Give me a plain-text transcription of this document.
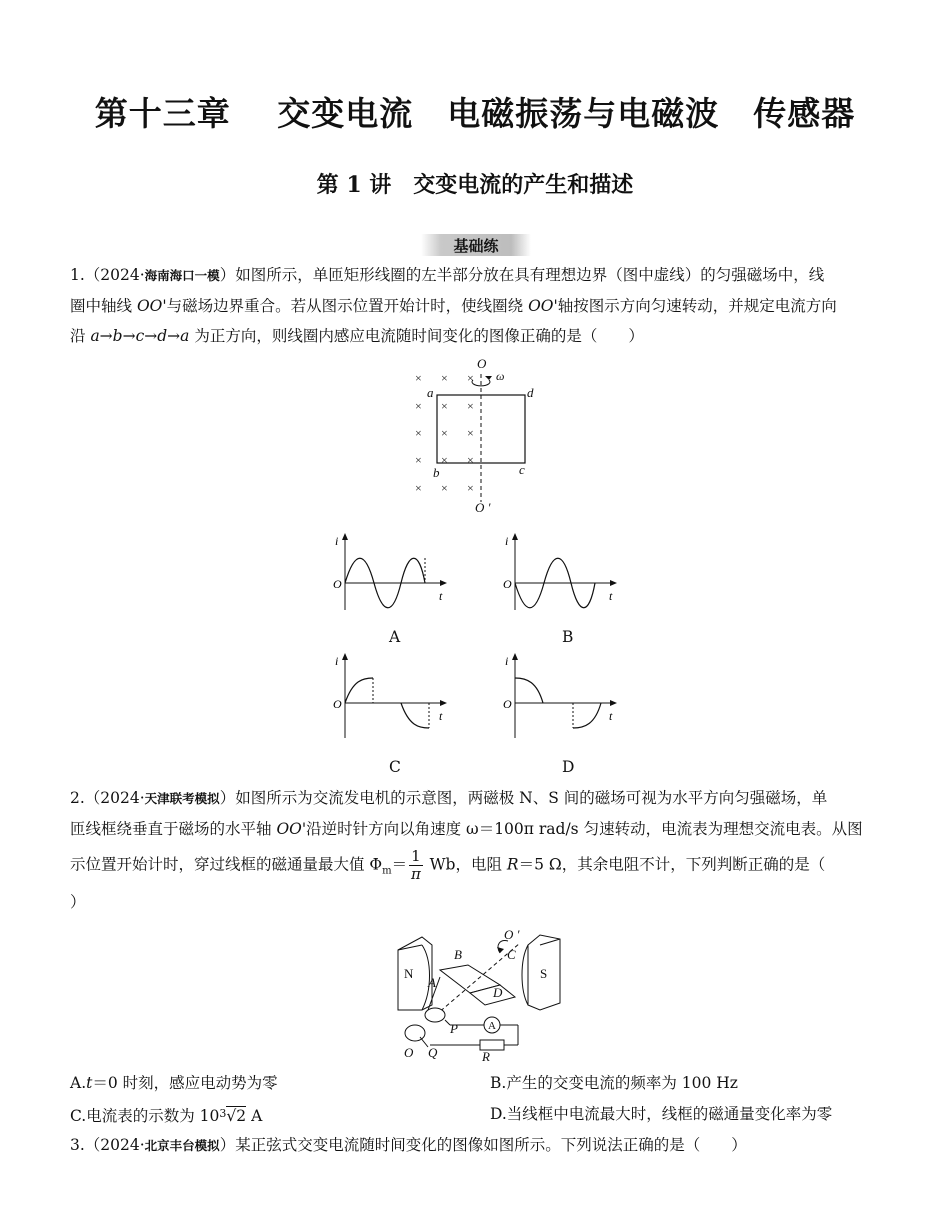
第十三章　 交变电流　电磁振荡与电磁波　传感器
第 1 讲　交变电流的产生和描述
基础练
1.（2024·海南海口一模）如图所示，单匝矩形线圈的左半部分放在具有理想边界（图中虚线）的匀强磁场中，线
圈中轴线 OO'与磁场边界重合。若从图示位置开始计时，使线圈绕 OO'轴按图示方向匀速转动，并规定电流方向
沿 a→b→c→d→a 为正方向，则线圈内感应电流随时间变化的图像正确的是（　　）
× × ×
× × ×
× × ×
× × ×
× × ×
O
ω
a	d
b	c
O ′
i
O
t
A
i
O
t
B
i
O
t
C
i
O
t
D
2.（2024·天津联考模拟）如图所示为交流发电机的示意图，两磁极 N、S 间的磁场可视为水平方向匀强磁场，单
匝线框绕垂直于磁场的水平轴 OO'沿逆时针方向以角速度 ω＝100π rad/s 匀速转动，电流表为理想交流电表。从图
示位置开始计时，穿过线框的磁通量最大值 $\Phi_m= \frac{1}{\pi}$ Wb，电阻 R＝5 Ω，其余电阻不计，下列判断正确的是（
）
A
N	S
A
B	C
D
O ′
P
O Q	R
A.t＝0 时刻，感应电动势为零	B.产生的交变电流的频率为 100 Hz
C.电流表的示数为 $10^3√2$ A	D.当线框中电流最大时，线框的磁通量变化率为零
3.（2024·北京丰台模拟）某正弦式交变电流随时间变化的图像如图所示。下列说法正确的是（　　）
